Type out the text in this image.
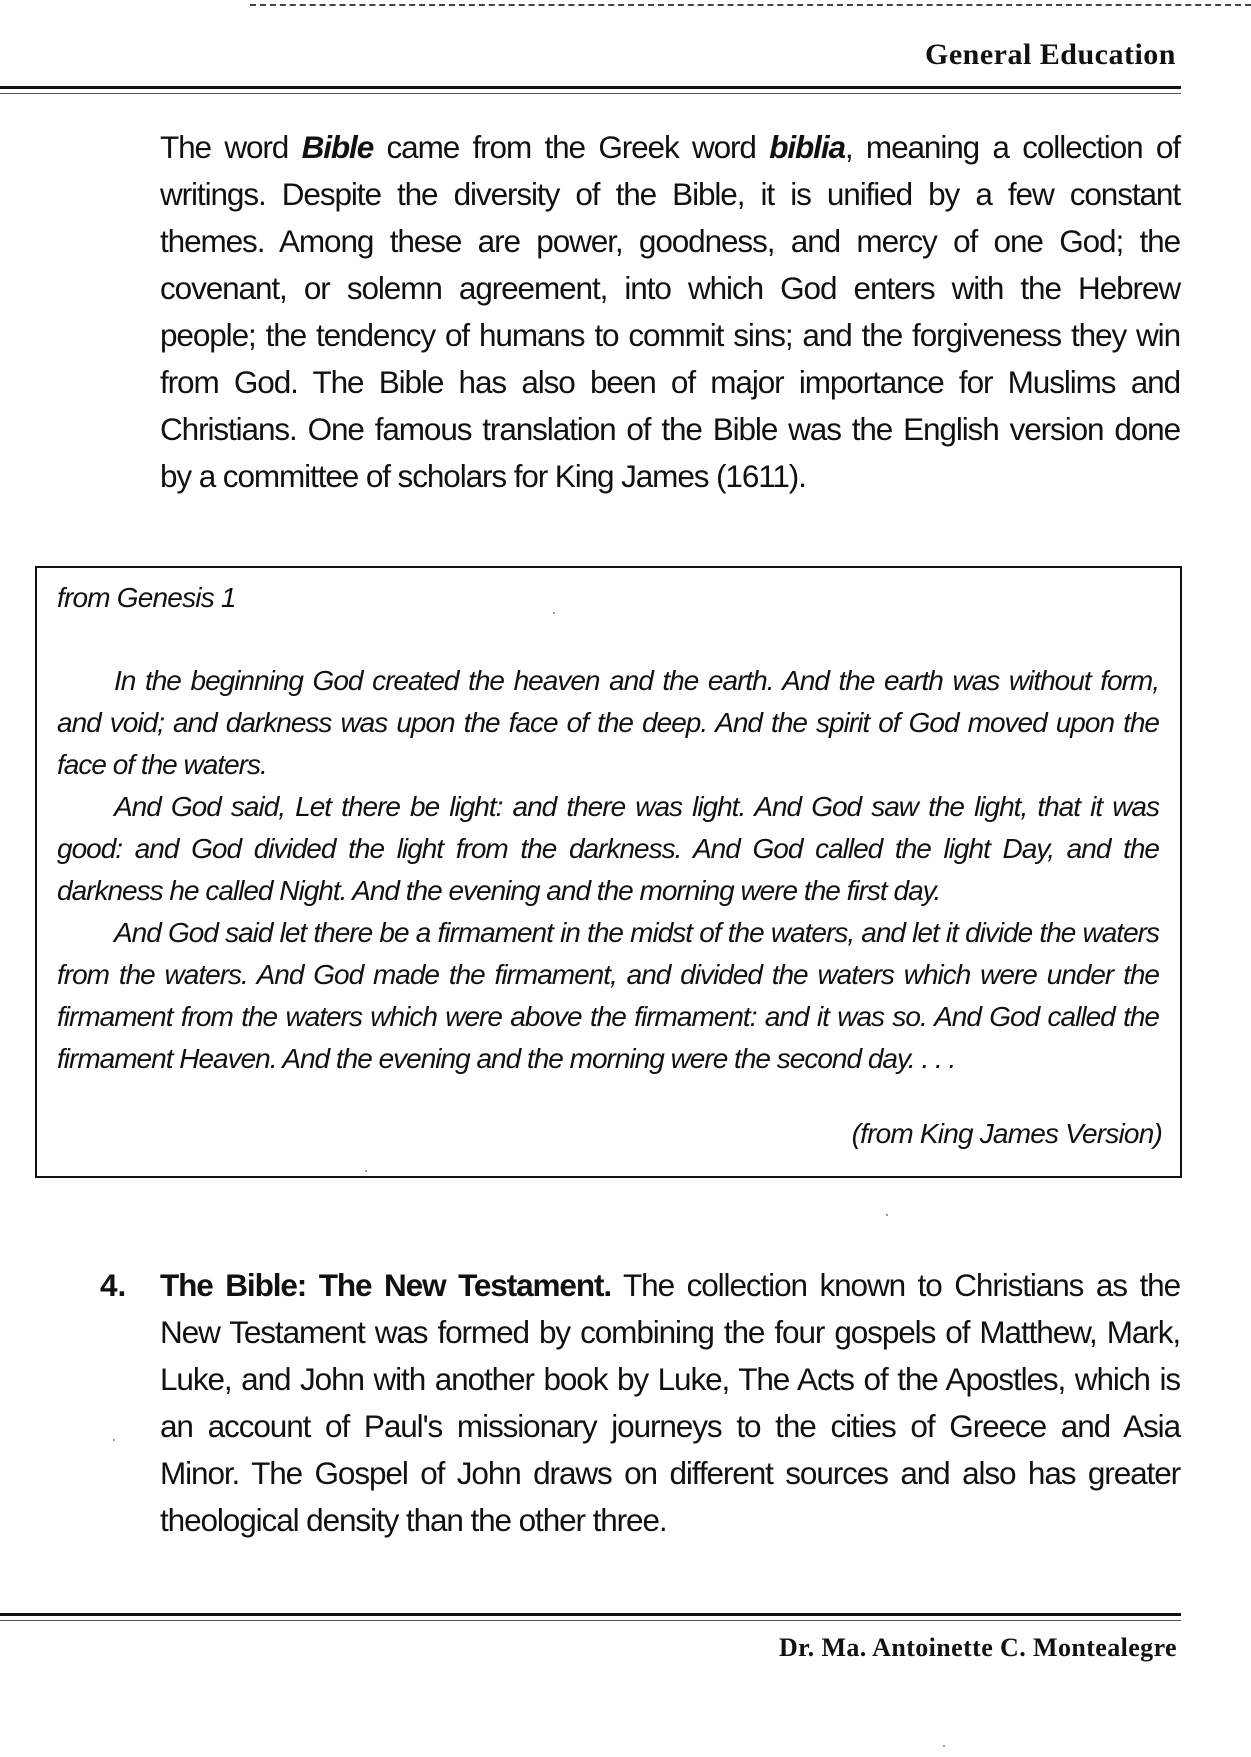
General Education
The word Bible came from the Greek word biblia, meaning a collection of writings. Despite the diversity of the Bible, it is unified by a few constant themes. Among these are power, goodness, and mercy of one God; the covenant, or solemn agreement, into which God enters with the Hebrew people; the tendency of humans to commit sins; and the forgiveness they win from God. The Bible has also been of major importance for Muslims and Christians. One famous translation of the Bible was the English version done by a committee of scholars for King James (1611).
from Genesis 1

In the beginning God created the heaven and the earth. And the earth was without form, and void; and darkness was upon the face of the deep. And the spirit of God moved upon the face of the waters.

And God said, Let there be light: and there was light. And God saw the light, that it was good: and God divided the light from the darkness. And God called the light Day, and the darkness he called Night. And the evening and the morning were the first day.

And God said let there be a firmament in the midst of the waters, and let it divide the waters from the waters. And God made the firmament, and divided the waters which were under the firmament from the waters which were above the firmament: and it was so. And God called the firmament Heaven. And the evening and the morning were the second day. . . .

(from King James Version)
4. The Bible: The New Testament. The collection known to Christians as the New Testament was formed by combining the four gospels of Matthew, Mark, Luke, and John with another book by Luke, The Acts of the Apostles, which is an account of Paul's missionary journeys to the cities of Greece and Asia Minor. The Gospel of John draws on different sources and also has greater theological density than the other three.
Dr. Ma. Antoinette C. Montealegre
